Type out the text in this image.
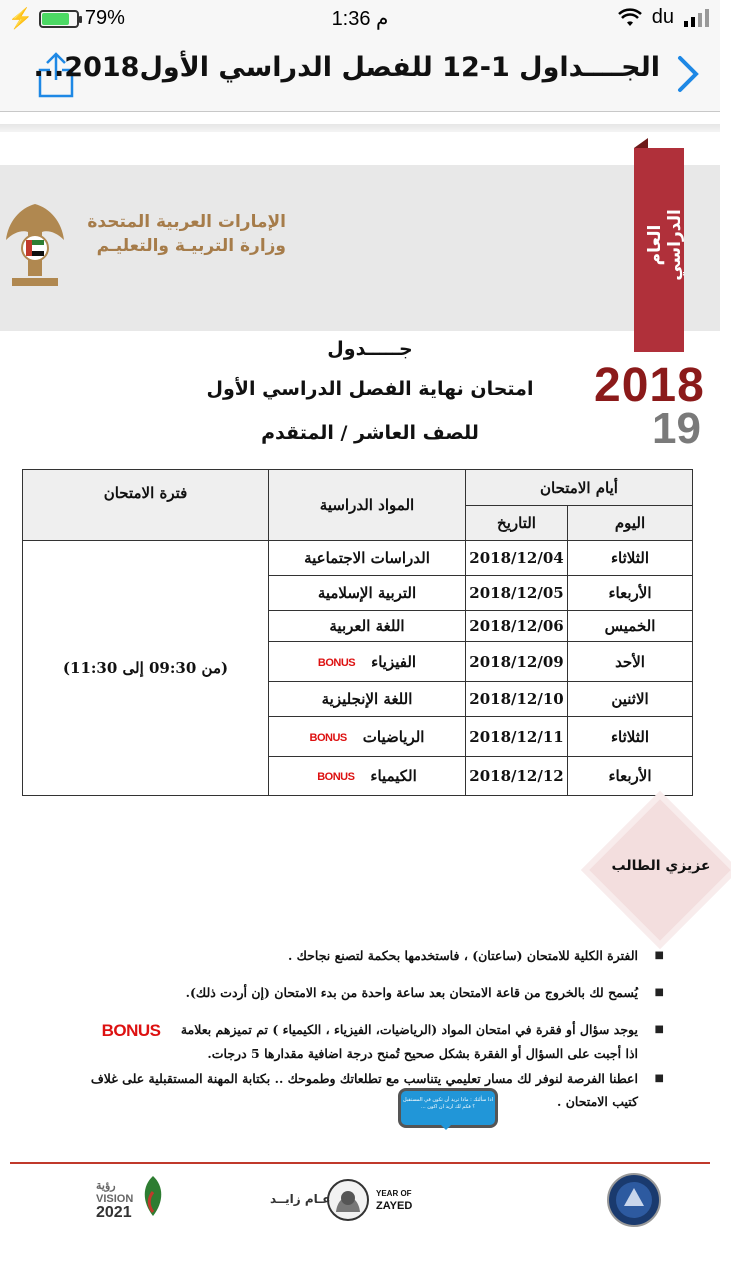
⚡	79%	1:36 م	du
الجــــداول 1-12 للفصل الدراسي الأول2018...
الإمارات العربية المتحدة
وزارة التربيـة والتعليـم	العام الدراسي
2018
19
جـــــدول
امتحان نهاية الفصل الدراسي الأول
للصف العاشر / المتقدم
أيام الامتحان		المواد الدراسية	فترة الامتحان
اليوم	التاريخ		
الثلاثاء	2018/12/04	الدراسات الاجتماعية	(من 09:30 إلى 11:30)
الأربعاء	2018/12/05	التربية الإسلامية	
الخميس	2018/12/06	اللغة العربية	
الأحد	2018/12/09	الفيزياءBONUS	
الاثنين	2018/12/10	اللغة الإنجليزية	
الثلاثاء	2018/12/11	الرياضياتBONUS	
الأربعاء	2018/12/12	الكيمياءBONUS	
عزيزي الطالب
■ الفترة الكلية للامتحان (ساعتان) ، فاستخدمها بحكمة لتصنع نجاحك .
■ يُسمح لك بالخروج من قاعة الامتحان بعد ساعة واحدة من بدء الامتحان (إن أردت ذلك).
■ يوجد سؤال أو فقرة في امتحان المواد (الرياضيات، الفيزياء ، الكيمياء ) تم تميزهم بعلامة BONUS
اذا أجبت على السؤال أو الفقرة بشكل صحيح تُمنح درجة اضافية مقدارها 5 درجات.
■ اعطنا الفرصة لنوفر لك مسار تعليمي يتناسب مع تطلعاتك وطموحك .. بكتابة المهنة المستقبلية على غلاف كتيب الامتحان .
اذا سألتك : ماذا تريد أن تكون في المستقبل ؟ فكم لك اريد ان اكون ...
رؤية
VISION
2021
YEAR OF
ZAYED
عـام زايــد
